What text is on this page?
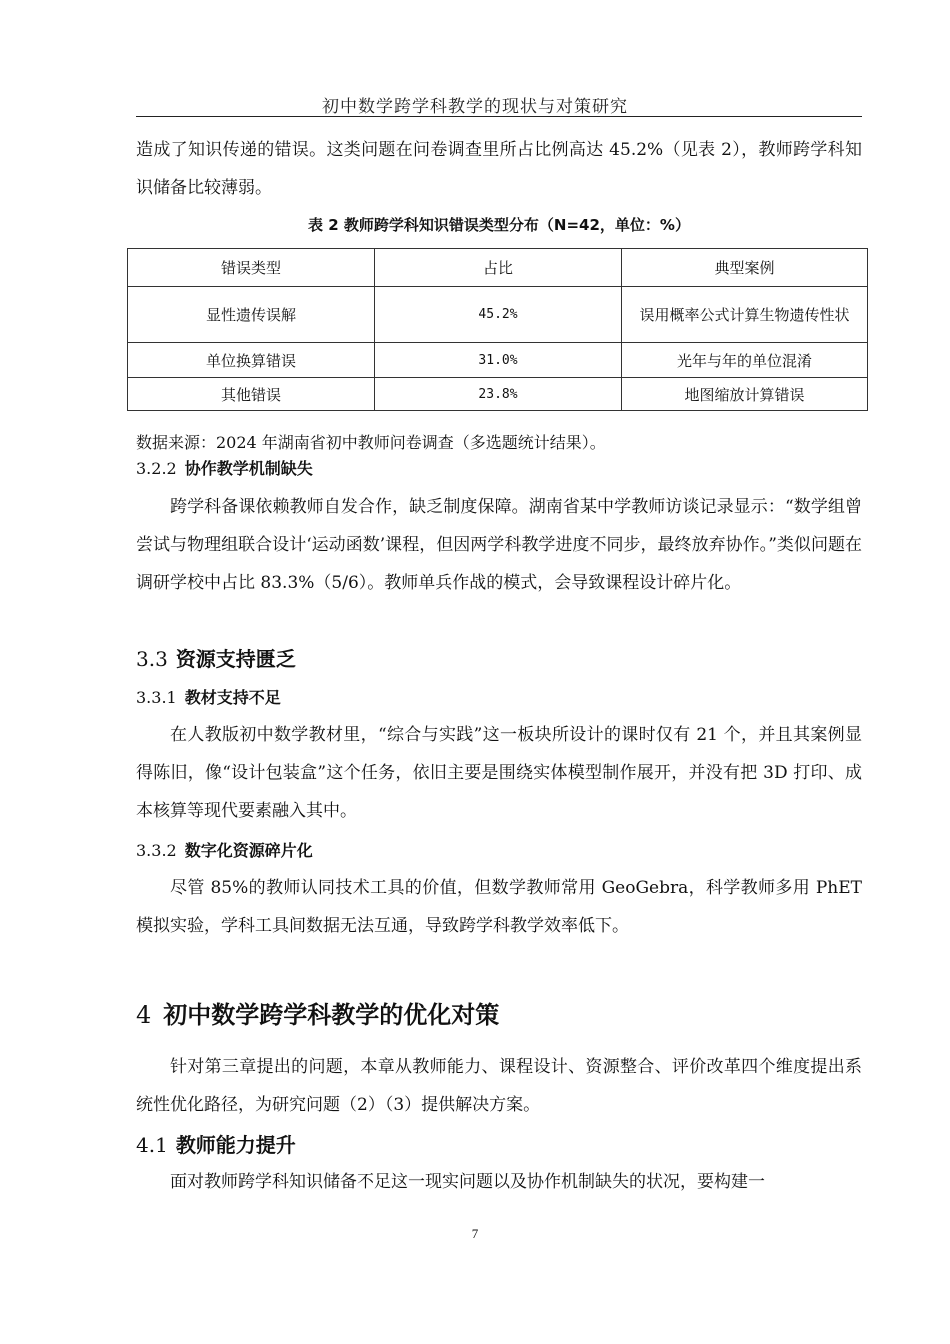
初中数学跨学科教学的现状与对策研究

造成了知识传递的错误。这类问题在问卷调查里所占比例高达 45.2%（见表 2），教师跨学科知识储备比较薄弱。

表 2 教师跨学科知识错误类型分布（N=42，单位：%）
错误类型	占比	典型案例
显性遗传误解	45.2%	误用概率公式计算生物遗传性状
单位换算错误	31.0%	光年与年的单位混淆
其他错误	23.8%	地图缩放计算错误

数据来源：2024 年湖南省初中教师问卷调查（多选题统计结果）。

3.2.2 协作教学机制缺失

跨学科备课依赖教师自发合作，缺乏制度保障。湖南省某中学教师访谈记录显示：“数学组曾尝试与物理组联合设计‘运动函数’课程，但因两学科教学进度不同步，最终放弃协作。”类似问题在调研学校中占比 83.3%（5/6）。教师单兵作战的模式，会导致课程设计碎片化。

3.3 资源支持匮乏

3.3.1 教材支持不足

在人教版初中数学教材里，“综合与实践”这一板块所设计的课时仅有 21 个，并且其案例显得陈旧，像“设计包装盒”这个任务，依旧主要是围绕实体模型制作展开，并没有把 3D 打印、成本核算等现代要素融入其中。

3.3.2 数字化资源碎片化

尽管 85%的教师认同技术工具的价值，但数学教师常用 GeoGebra，科学教师多用 PhET 模拟实验，学科工具间数据无法互通，导致跨学科教学效率低下。

4 初中数学跨学科教学的优化对策

针对第三章提出的问题，本章从教师能力、课程设计、资源整合、评价改革四个维度提出系统性优化路径，为研究问题（2）（3）提供解决方案。

4.1 教师能力提升

面对教师跨学科知识储备不足这一现实问题以及协作机制缺失的状况，要构建一

7
